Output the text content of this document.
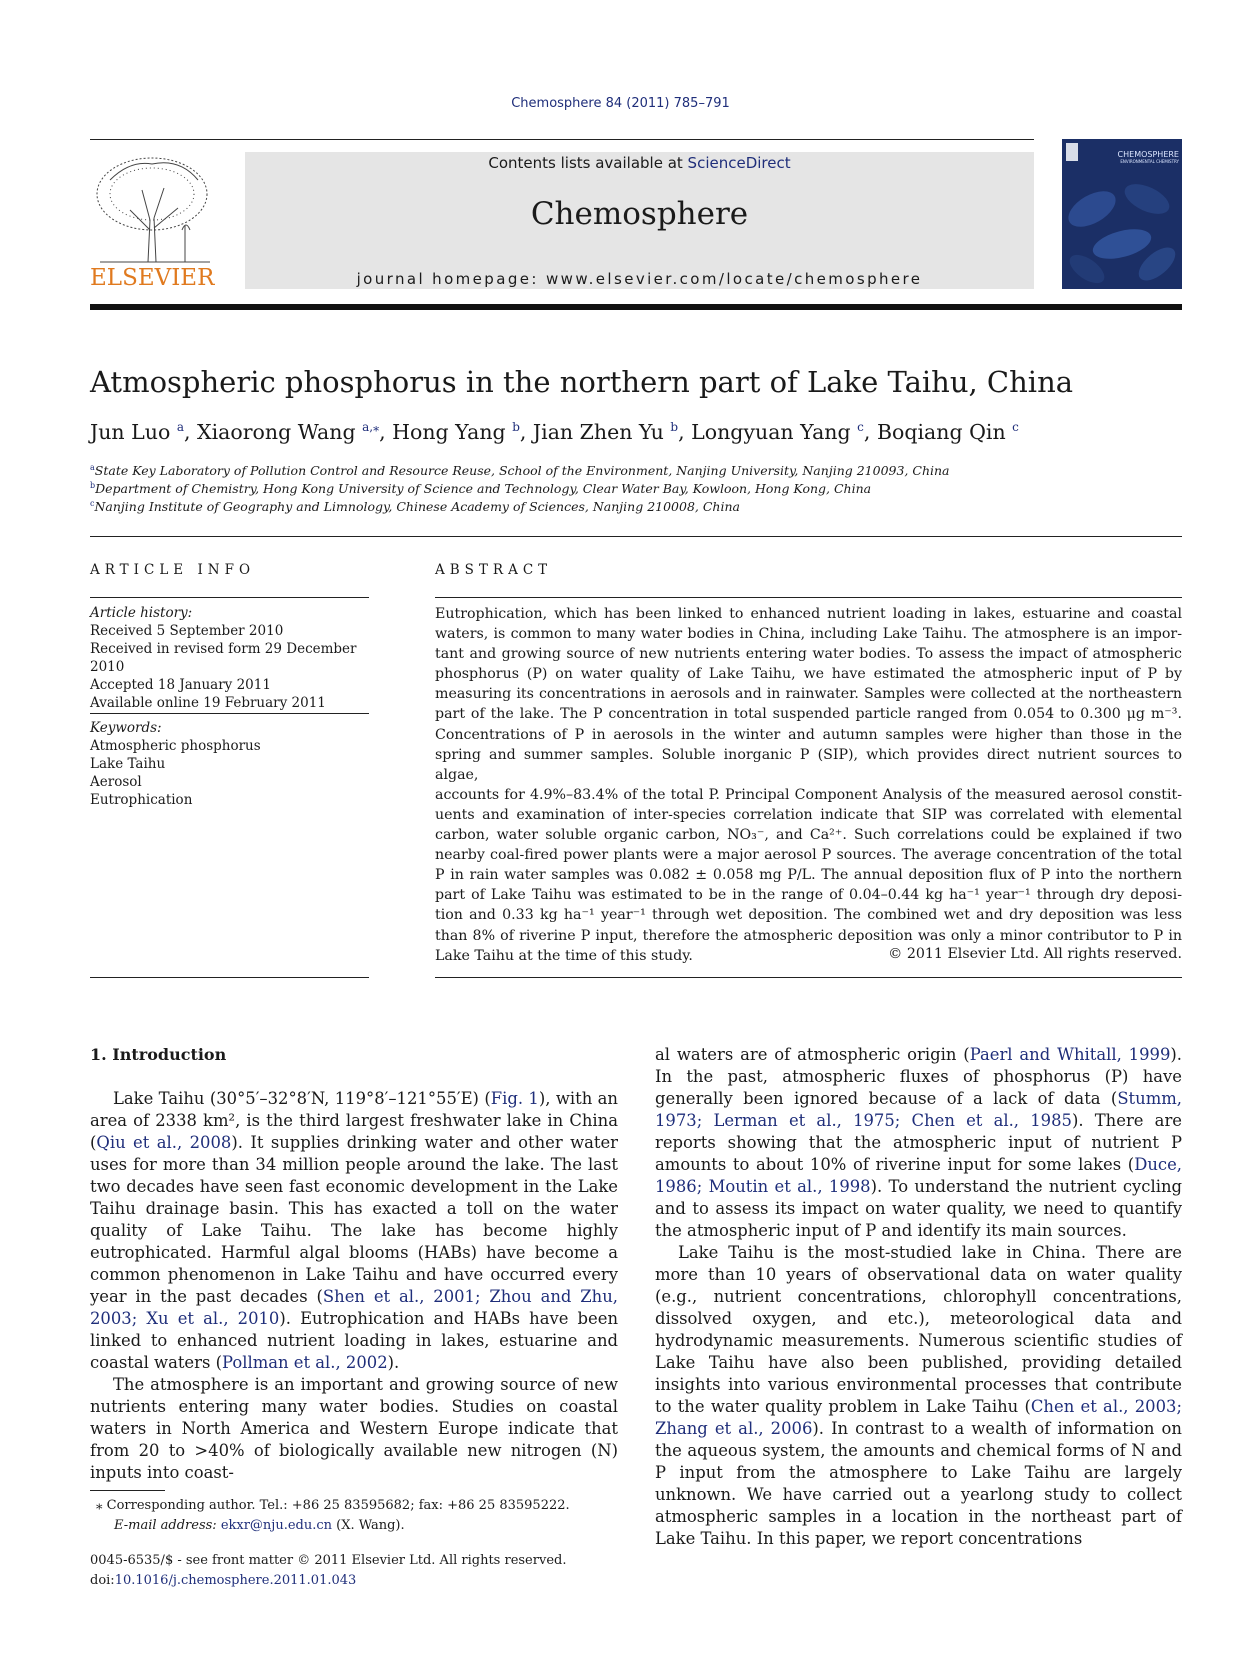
Chemosphere 84 (2011) 785–791
ELSEVIER
Contents lists available at ScienceDirect
Chemosphere
journal homepage: www.elsevier.com/locate/chemosphere
CHEMOSPHERE
ENVIRONMENTAL CHEMISTRY
Atmospheric phosphorus in the northern part of Lake Taihu, China
Jun Luo $^a$, Xiaorong Wang $^{a,⁎}$, Hong Yang $^b$, Jian Zhen Yu $^b$, Longyuan Yang $^c$, Boqiang Qin $^c$
$^a$State Key Laboratory of Pollution Control and Resource Reuse, School of the Environment, Nanjing University, Nanjing 210093, China
$^b$Department of Chemistry, Hong Kong University of Science and Technology, Clear Water Bay, Kowloon, Hong Kong, China
$^c$Nanjing Institute of Geography and Limnology, Chinese Academy of Sciences, Nanjing 210008, China
ARTICLE INFO
Article history:
Received 5 September 2010
Received in revised form 29 December 2010
Accepted 18 January 2011
Available online 19 February 2011
Keywords:
Atmospheric phosphorus
Lake Taihu
Aerosol
Eutrophication
ABSTRACT
Eutrophication, which has been linked to enhanced nutrient loading in lakes, estuarine and coastal
waters, is common to many water bodies in China, including Lake Taihu. The atmosphere is an impor-
tant and growing source of new nutrients entering water bodies. To assess the impact of atmospheric
phosphorus (P) on water quality of Lake Taihu, we have estimated the atmospheric input of P by
measuring its concentrations in aerosols and in rainwater. Samples were collected at the northeastern
part of the lake. The P concentration in total suspended particle ranged from 0.054 to 0.300 μg m⁻³.
Concentrations of P in aerosols in the winter and autumn samples were higher than those in the
spring and summer samples. Soluble inorganic P (SIP), which provides direct nutrient sources to algae,
accounts for 4.9%–83.4% of the total P. Principal Component Analysis of the measured aerosol constit-
uents and examination of inter-species correlation indicate that SIP was correlated with elemental
carbon, water soluble organic carbon, NO₃⁻, and Ca²⁺. Such correlations could be explained if two
nearby coal-fired power plants were a major aerosol P sources. The average concentration of the total
P in rain water samples was 0.082 ± 0.058 mg P/L. The annual deposition flux of P into the northern
part of Lake Taihu was estimated to be in the range of 0.04–0.44 kg ha⁻¹ year⁻¹ through dry deposi-
tion and 0.33 kg ha⁻¹ year⁻¹ through wet deposition. The combined wet and dry deposition was less
than 8% of riverine P input, therefore the atmospheric deposition was only a minor contributor to P in
Lake Taihu at the time of this study.	© 2011 Elsevier Ltd. All rights reserved.
1. Introduction

Lake Taihu (30°5′–32°8′N, 119°8′–121°55′E) (Fig. 1), with an area of 2338 km², is the third largest freshwater lake in China (Qiu et al., 2008). It supplies drinking water and other water uses for more than 34 million people around the lake. The last two decades have seen fast economic development in the Lake Taihu drainage basin. This has exacted a toll on the water quality of Lake Taihu. The lake has become highly eutrophicated. Harmful algal blooms (HABs) have become a common phenomenon in Lake Taihu and have occurred every year in the past decades (Shen et al., 2001; Zhou and Zhu, 2003; Xu et al., 2010). Eutrophication and HABs have been linked to enhanced nutrient loading in lakes, estuarine and coastal waters (Pollman et al., 2002).

The atmosphere is an important and growing source of new nutrients entering many water bodies. Studies on coastal waters in North America and Western Europe indicate that from 20 to >40% of biologically available new nitrogen (N) inputs into coast-

al waters are of atmospheric origin (Paerl and Whitall, 1999). In the past, atmospheric fluxes of phosphorus (P) have generally been ignored because of a lack of data (Stumm, 1973; Lerman et al., 1975; Chen et al., 1985). There are reports showing that the atmospheric input of nutrient P amounts to about 10% of riverine input for some lakes (Duce, 1986; Moutin et al., 1998). To understand the nutrient cycling and to assess its impact on water quality, we need to quantify the atmospheric input of P and identify its main sources.

Lake Taihu is the most-studied lake in China. There are more than 10 years of observational data on water quality (e.g., nutrient concentrations, chlorophyll concentrations, dissolved oxygen, and etc.), meteorological data and hydrodynamic measurements. Numerous scientific studies of Lake Taihu have also been published, providing detailed insights into various environmental processes that contribute to the water quality problem in Lake Taihu (Chen et al., 2003; Zhang et al., 2006). In contrast to a wealth of information on the aqueous system, the amounts and chemical forms of N and P input from the atmosphere to Lake Taihu are largely unknown. We have carried out a yearlong study to collect atmospheric samples in a location in the northeast part of Lake Taihu. In this paper, we report concentrations

⁎ Corresponding author. Tel.: +86 25 83595682; fax: +86 25 83595222.
E-mail address: ekxr@nju.edu.cn (X. Wang).
0045-6535/$ - see front matter © 2011 Elsevier Ltd. All rights reserved.
doi:10.1016/j.chemosphere.2011.01.043
